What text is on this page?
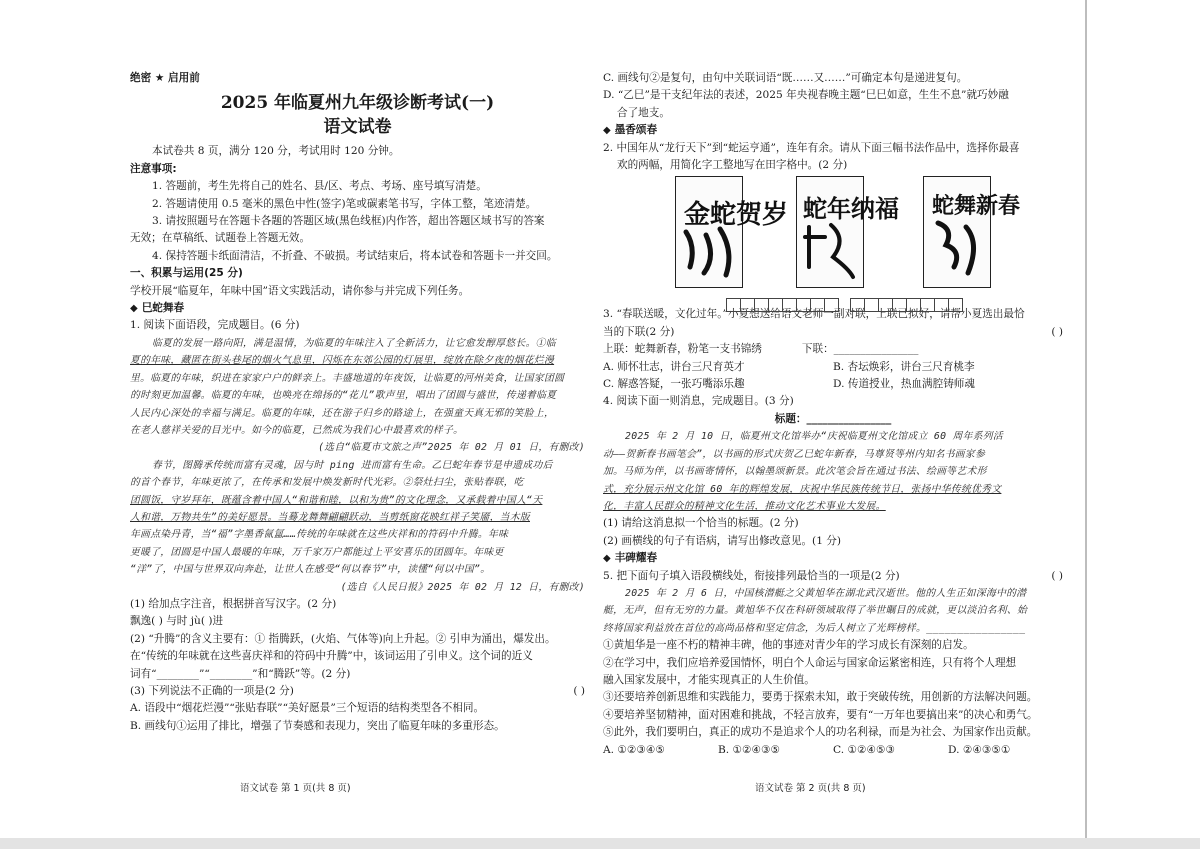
绝密 ★ 启用前
2025 年临夏州九年级诊断考试(一)
语文试卷
本试卷共 8 页，满分 120 分，考试用时 120 分钟。
注意事项:
1. 答题前，考生先将自己的姓名、县/区、考点、考场、座号填写清楚。
2. 答题请使用 0.5 毫米的黑色中性(签字)笔或碳素笔书写，字体工整，笔迹清楚。
3. 请按照题号在答题卡各题的答题区域(黑色线框)内作答，超出答题区域书写的答案
无效；在草稿纸、试题卷上答题无效。
4. 保持答题卡纸面清洁，不折叠、不破损。考试结束后，将本试卷和答题卡一并交回。
一、积累与运用(25 分)
学校开展“临夏年，年味中国”语文实践活动，请你参与并完成下列任务。
◆ 巳蛇舞春
1. 阅读下面语段，完成题目。(6 分)
临夏的发展一路向阳，满是温情，为临夏的年味注入了全新活力，让它愈发醇厚悠长。①临
夏的年味，藏匿在街头巷尾的烟火气息里，闪烁在东郊公园的灯展里，绽放在除夕夜的烟花烂漫
里。临夏的年味，织进在家家户户的鲜亲上。丰盛地道的年夜饭，让临夏的河州美食，让国家团圆
的时刻更加温馨。临夏的年味，也唤亮在绵扬的“花儿”歌声里，唱出了团圆与盛世，传递着临夏
人民内心深处的幸福与满足。临夏的年味，还在游子归乡的路途上，在强童天真无邪的笑脸上，
在老人慈祥关爱的目光中。如今的临夏，已然成为我们心中最喜欢的样子。
(选自“临夏市文旅之声”2025 年 02 月 01 日，有删改)
春节，图腾承传统而富有灵魂，因与时 ping 进而富有生命。乙巳蛇年春节是申遗成功后
的首个春节，年味更浓了，在传承和发展中焕发新时代光彩。②祭灶扫尘，张贴春联，吃
团圆饭，守岁拜年，既蕴含着中国人“和谐和睦，以和为贵”的文化理念，又承载着中国人“天
人和谐，万物共生”的美好愿景。当蓦龙舞舞翩翩跃动，当剪纸窗花映红祥子笑靥，当木版
年画点染丹青，当“福”字墨香氤氲……传统的年味就在这些庆祥和的符码中升腾。年味
更暖了，团圆是中国人最暖的年味，万千家万户都能过上平安喜乐的团圆年。年味更
“洋”了，中国与世界双向奔赴，让世人在感受“何以春节”中，读懂“何以中国”。
(选自《人民日报》2025 年 02 月 12 日，有删改)
(1) 给加点字注音，根据拼音写汉字。(2 分)
飘逸( ) 与时 jù( )进
(2) “升腾”的含义主要有：① 指腾跃，(火焰、气体等)向上升起。② 引申为涌出，爆发出。
在“传统的年味就在这些喜庆祥和的符码中升腾”中，该词运用了引申义。这个词的近义
词有“________”“________”和“腾跃”等。(2 分)
(3) 下列说法不正确的一项是(2 分)	( )
A. 语段中“烟花烂漫”“张贴春联”“美好愿景”三个短语的结构类型各不相同。
B. 画线句①运用了排比，增强了节奏感和表现力，突出了临夏年味的多重形态。
语文试卷 第 1 页(共 8 页)
C. 画线句②是复句，由句中关联词语“既……又……”可确定本句是递进复句。
D. “乙巳”是干支纪年法的表述，2025 年央视春晚主题“巳巳如意，生生不息”就巧妙融
合了地支。
◆ 墨香颂春
2. 中国年从“龙行天下”到“蛇运亨通”，连年有余。请从下面三幅书法作品中，选择你最喜
欢的两幅，用简化字工整地写在田字格中。(2 分)
金蛇贺岁 蛇年纳福 蛇舞新春
3. “春联送暖，文化过年。”小夏想送给语文老师一副对联，上联已拟好，请帮小夏选出最恰
当的下联(2 分)	( )
上联：蛇舞新春，粉笔一支书锦绣	下联：________________
A. 师怀壮志，讲台三尺育英才	B. 杏坛焕彩，讲台三尺育桃李
C. 解惑答疑，一张巧嘴添乐趣	D. 传道授业，热血满腔铸师魂
4. 阅读下面一则消息，完成题目。(3 分)
标题：________________
2025 年 2 月 10 日，临夏州文化馆举办“庆祝临夏州文化馆成立 60 周年系列活
动——贺新春书画笔会”，以书画的形式庆贺乙巳蛇年新春，马尊贤等州内知名书画家参
加。马师为伴，以书画寄情怀，以翰墨颂新景。此次笔会旨在通过书法、绘画等艺术形
式，充分展示州文化馆 60 年的辉煌发展，庆祝中华民族传统节日，张扬中华传统优秀文
化，丰富人民群众的精神文化生活，推动文化艺术事业大发展。
(1) 请给这消息拟一个恰当的标题。(2 分)
(2) 画横线的句子有语病，请写出修改意见。(1 分)
◆ 丰碑耀春
5. 把下面句子填入语段横线处，衔接排列最恰当的一项是(2 分)	( )
2025 年 2 月 6 日，中国核潜艇之父黄旭华在湖北武汉逝世。他的人生正如深海中的潜
艇，无声，但有无穷的力量。黄旭华不仅在科研领域取得了举世瞩目的成就，更以淡泊名利、始
终将国家利益放在首位的高尚品格和坚定信念，为后人树立了光辉榜样。________________
①黄旭华是一座不朽的精神丰碑，他的事迹对青少年的学习成长有深刻的启发。
②在学习中，我们应培养爱国情怀，明白个人命运与国家命运紧密相连，只有将个人理想
融入国家发展中，才能实现真正的人生价值。
③还要培养创新思维和实践能力，要勇于探索未知，敢于突破传统，用创新的方法解决问题。
④要培养坚韧精神，面对困难和挑战，不轻言放弃，要有“一万年也要搞出来”的决心和勇气。
⑤此外，我们要明白，真正的成功不是追求个人的功名利禄，而是为社会、为国家作出贡献。
A. ①②③④⑤	B. ①②④③⑤	C. ①②④⑤③	D. ②④③⑤①
语文试卷 第 2 页(共 8 页)
